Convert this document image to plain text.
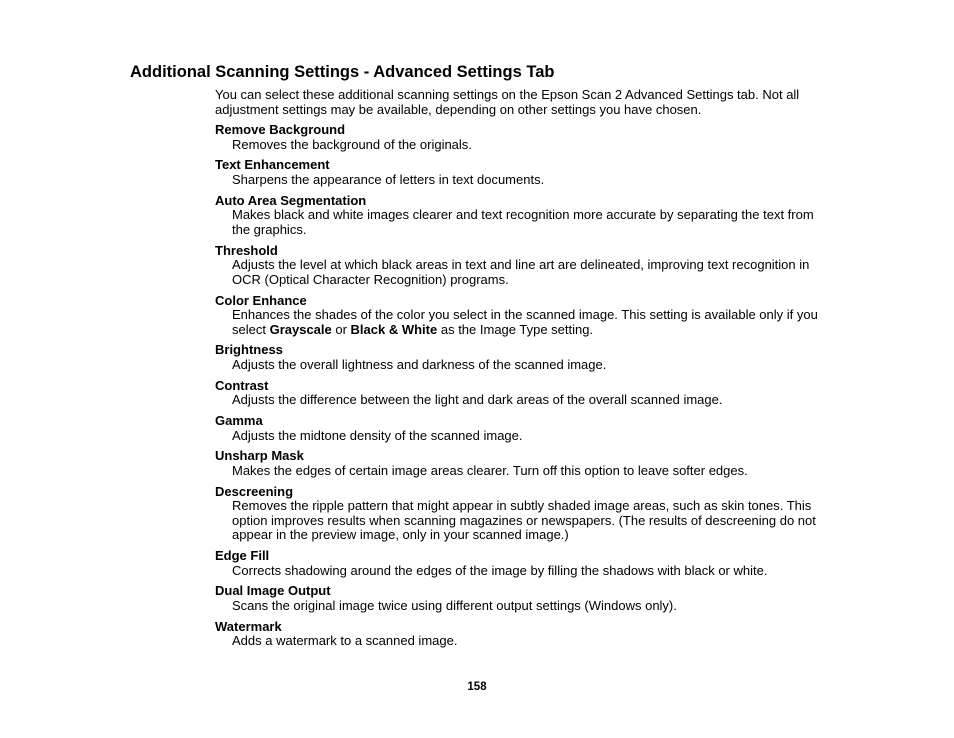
Additional Scanning Settings - Advanced Settings Tab

You can select these additional scanning settings on the Epson Scan 2 Advanced Settings tab. Not all adjustment settings may be available, depending on other settings you have chosen.

Remove Background
Removes the background of the originals.
Text Enhancement
Sharpens the appearance of letters in text documents.
Auto Area Segmentation
Makes black and white images clearer and text recognition more accurate by separating the text from the graphics.
Threshold
Adjusts the level at which black areas in text and line art are delineated, improving text recognition in OCR (Optical Character Recognition) programs.
Color Enhance
Enhances the shades of the color you select in the scanned image. This setting is available only if you select Grayscale or Black & White as the Image Type setting.
Brightness
Adjusts the overall lightness and darkness of the scanned image.
Contrast
Adjusts the difference between the light and dark areas of the overall scanned image.
Gamma
Adjusts the midtone density of the scanned image.
Unsharp Mask
Makes the edges of certain image areas clearer. Turn off this option to leave softer edges.
Descreening
Removes the ripple pattern that might appear in subtly shaded image areas, such as skin tones. This option improves results when scanning magazines or newspapers. (The results of descreening do not appear in the preview image, only in your scanned image.)
Edge Fill
Corrects shadowing around the edges of the image by filling the shadows with black or white.
Dual Image Output
Scans the original image twice using different output settings (Windows only).
Watermark
Adds a watermark to a scanned image.
158
